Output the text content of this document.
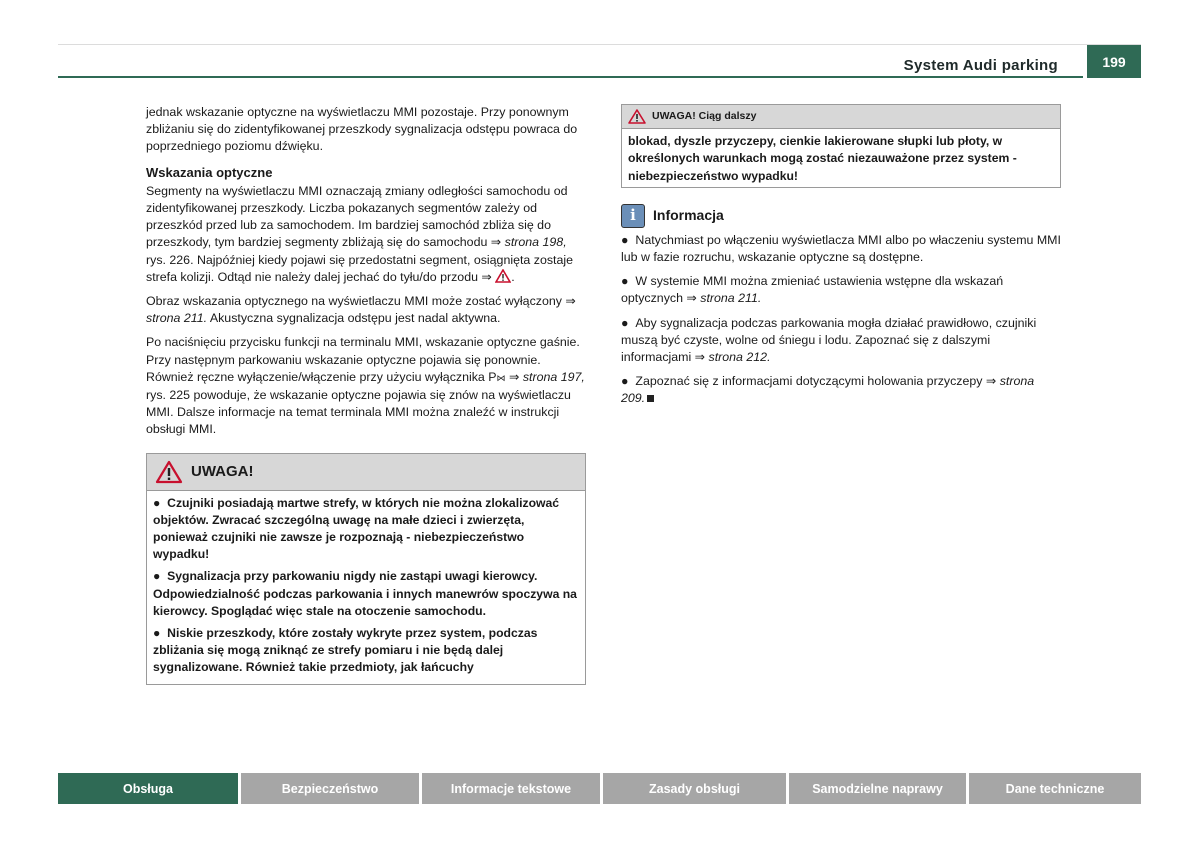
System Audi parking	199

jednak wskazanie optyczne na wyświetlaczu MMI pozostaje. Przy ponownym zbliżaniu się do zidentyfikowanej przeszkody sygnalizacja odstępu powraca do poprzedniego poziomu dźwięku.

Wskazania optyczne

Segmenty na wyświetlaczu MMI oznaczają zmiany odległości samochodu od zidentyfikowanej przeszkody. Liczba pokazanych segmentów zależy od przeszkód przed lub za samochodem. Im bardziej samochód zbliża się do przeszkody, tym bardziej segmenty zbliżają się do samochodu ⇒ strona 198, rys. 226. Najpóźniej kiedy pojawi się przedostatni segment, osiągnięta zostaje strefa kolizji. Odtąd nie należy dalej jechać do tyłu/do przodu ⇒ .

Obraz wskazania optycznego na wyświetlaczu MMI może zostać wyłączony ⇒ strona 211. Akustyczna sygnalizacja odstępu jest nadal aktywna.

Po naciśnięciu przycisku funkcji na terminalu MMI, wskazanie optyczne gaśnie. Przy następnym parkowaniu wskazanie optyczne pojawia się ponownie. Również ręczne wyłączenie/włączenie przy użyciu wyłącznika P⋈ ⇒ strona 197, rys. 225 powoduje, że wskazanie optyczne pojawia się znów na wyświetlaczu MMI. Dalsze informacje na temat terminala MMI można znaleźć w instrukcji obsługi MMI.

UWAGA!

●  Czujniki posiadają martwe strefy, w których nie można zlokalizować objektów. Zwracać szczególną uwagę na małe dzieci i zwierzęta, ponieważ czujniki nie zawsze je rozpoznają - niebezpieczeństwo wypadku!

●  Sygnalizacja przy parkowaniu nigdy nie zastąpi uwagi kierowcy. Odpowiedzialność podczas parkowania i innych manewrów spoczywa na kierowcy. Spoglądać więc stale na otoczenie samochodu.

●  Niskie przeszkody, które zostały wykryte przez system, podczas zbliżania się mogą zniknąć ze strefy pomiaru i nie będą dalej sygnalizowane. Również takie przedmioty, jak łańcuchy

UWAGA! Ciąg dalszy
blokad, dyszle przyczepy, cienkie lakierowane słupki lub płoty, w określonych warunkach mogą zostać niezauważone przez system - niebezpieczeństwo wypadku!
i	Informacja

●  Natychmiast po włączeniu wyświetlacza MMI albo po właczeniu systemu MMI lub w fazie rozruchu, wskazanie optyczne są dostępne.

●  W systemie MMI można zmieniać ustawienia wstępne dla wskazań optycznych ⇒ strona 211.

●  Aby sygnalizacja podczas parkowania mogła działać prawidłowo, czujniki muszą być czyste, wolne od śniegu i lodu. Zapoznać się z dalszymi informacjami ⇒ strona 212.

●  Zapoznać się z informacjami dotyczącymi holowania przyczepy ⇒ strona 209.

Obsługa	Bezpieczeństwo	Informacje tekstowe	Zasady obsługi	Samodzielne naprawy	Dane techniczne
